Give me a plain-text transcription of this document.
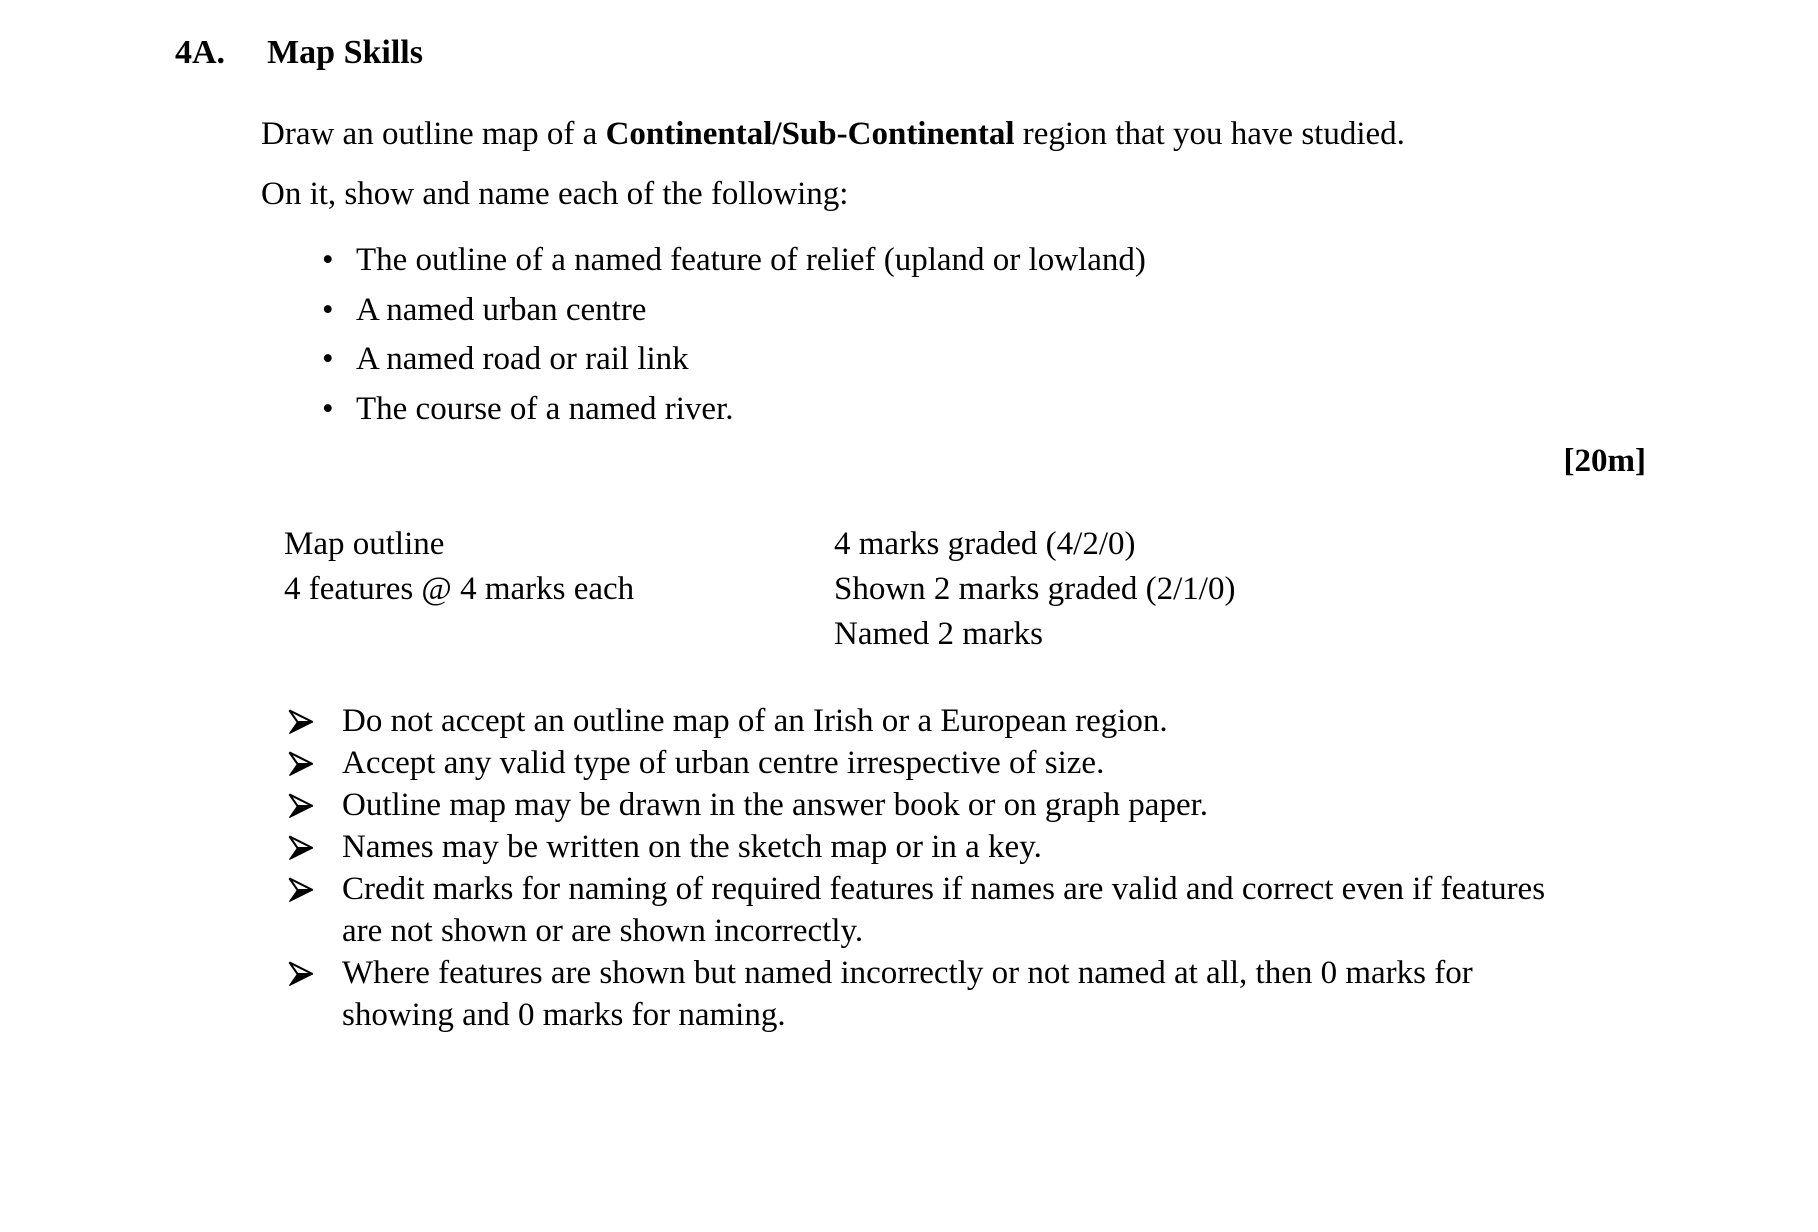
4A. Map Skills

Draw an outline map of a Continental/Sub-Continental region that you have studied.

On it, show and name each of the following:

• The outline of a named feature of relief (upland or lowland)
• A named urban centre
• A named road or rail link
• The course of a named river.
[20m]
Map outline	4 marks graded (4/2/0)
4 features @ 4 marks each	Shown 2 marks graded (2/1/0)
Named 2 marks
Do not accept an outline map of an Irish or a European region.
Accept any valid type of urban centre irrespective of size.
Outline map may be drawn in the answer book or on graph paper.
Names may be written on the sketch map or in a key.
Credit marks for naming of required features if names are valid and correct even if features are not shown or are shown incorrectly.
Where features are shown but named incorrectly or not named at all, then 0 marks for showing and 0 marks for naming.
